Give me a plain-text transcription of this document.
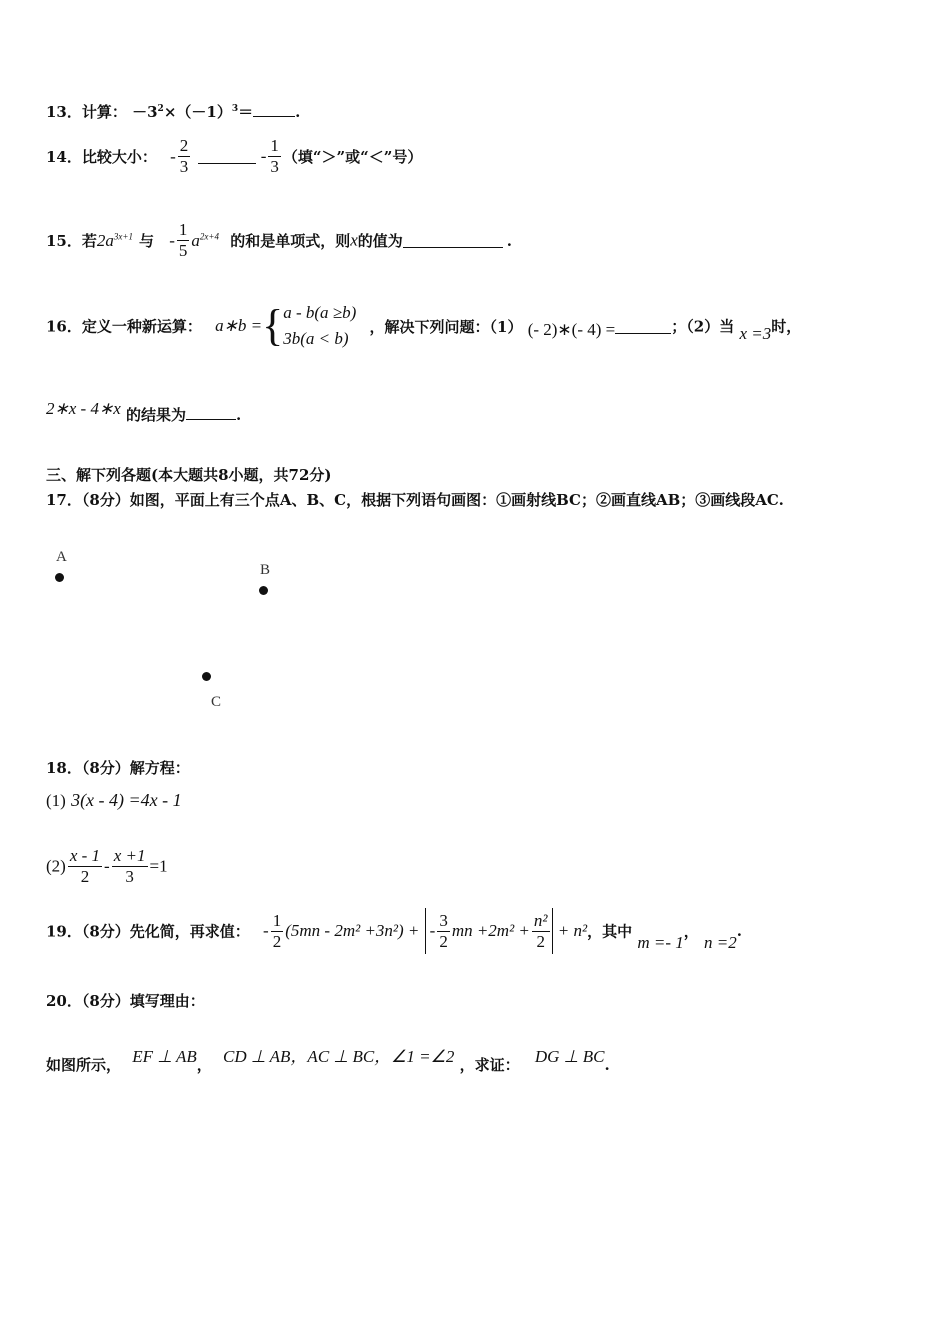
13．计算： $-3^2\times(-1)^3=$	.
14．比较大小： - $\frac{2}{3}$	- $\frac{1}{3}$ （填“＞”或“＜”号）
15．若$2a^{3x+1}$ 与 - $\frac{1}{5} a^{2x+4}$ 的和是单项式，则x的值为	.
16．定义一种新运算： a∗b ={ a - b(a ≥b)
3b(a < b)
，解决下列问题：（1） (- 2)∗(- 4) =	；（2）当 x =3时，
2∗x - 4∗x 的结果为	.
三、解下列各题(本大题共8小题，共72分)
17．（8分）如图，平面上有三个点A、B、C，根据下列语句画图：①画射线BC；②画直线AB；③画线段AC.
A
B
C
18．（8分）解方程：
(1) 3(x - 4) =4x - 1
$(2) \frac{x - 1}{2} - \frac{x +1}{3} =1$
19．（8分）先化简，再求值： - $\frac{1}{2} (5mn - 2m^2 +3n^2)$ + - $\frac{3}{2}$ mn $+2m^2 + \frac{\text{n²}}{2} + n^2$，其中 m =- 1， n =2.
20．（8分）填写理由：
如图所示， EF ⊥ AB， CD ⊥ AB，AC ⊥ BC，∠1 =∠2 ，求证： DG ⊥ BC.
